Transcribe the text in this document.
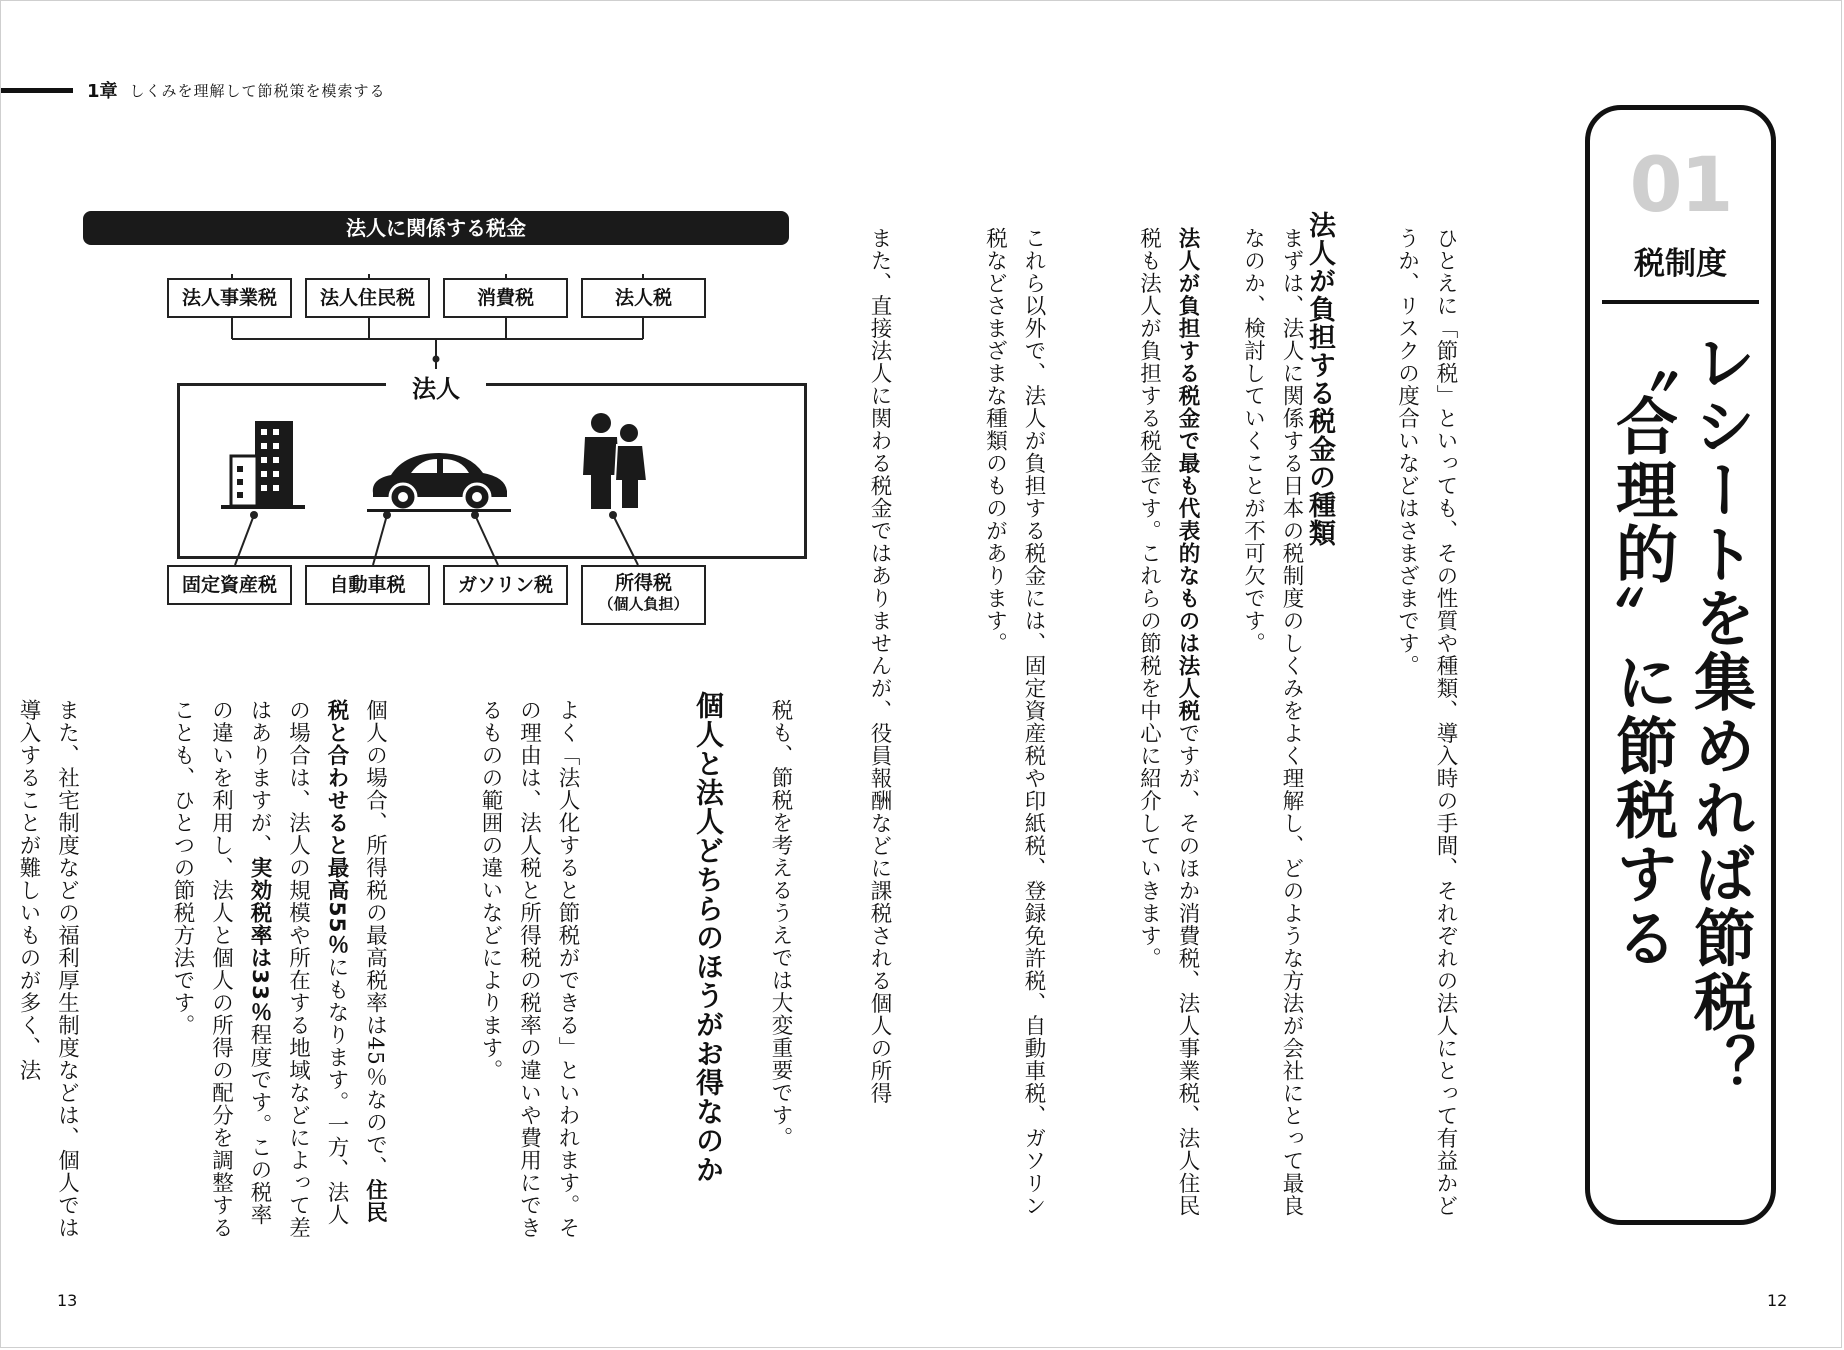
1章 しくみを理解して節税策を模索する
01
税制度
〝合理的〟に節税する レシートを集めれば節税？

ひとえに「節税」といっても、その性質や種類、導入時の手間、それぞれの法人にとって有益かどうか、リスクの度合いなどはさまざまです。

まずは、法人に関係する日本の税制度のしくみをよく理解し、どのような方法が会社にとって最良なのか、検討していくことが不可欠です。

	法人が負担する税金の種類

法人が負担する税金で最も代表的なものは法人税ですが、そのほか消費税、法人事業税、法人住民税も法人が負担する税金です。これらの節税を中心に紹介していきます。

これら以外で、法人が負担する税金には、固定資産税や印紙税、登録免許税、自動車税、ガソリン税などさまざまな種類のものがあります。

また、直接法人に関わる税金ではありませんが、役員報酬などに課税される個人の所得

法人に関係する税金
法人事業税	法人住民税	消費税	法人税
法人
固定資産税	自動車税	ガソリン税	所得税
（個人負担）
税も、節税を考えるうえでは大変重要です。
個人と法人どちらのほうがお得なのか

よく「法人化すると節税ができる」といわれます。その理由は、法人税と所得税の税率の違いや費用にできるものの範囲の違いなどによります。

個人の場合、所得税の最高税率は45％なので、住民税と合わせると最高55％にもなります。一方、法人の場合は、法人の規模や所在する地域などによって差はありますが、実効税率は33％程度です。この税率の違いを利用し、法人と個人の所得の配分を調整することも、ひとつの節税方法です。

また、社宅制度などの福利厚生制度などは、個人では導入することが難しいものが多く、法

13	12
